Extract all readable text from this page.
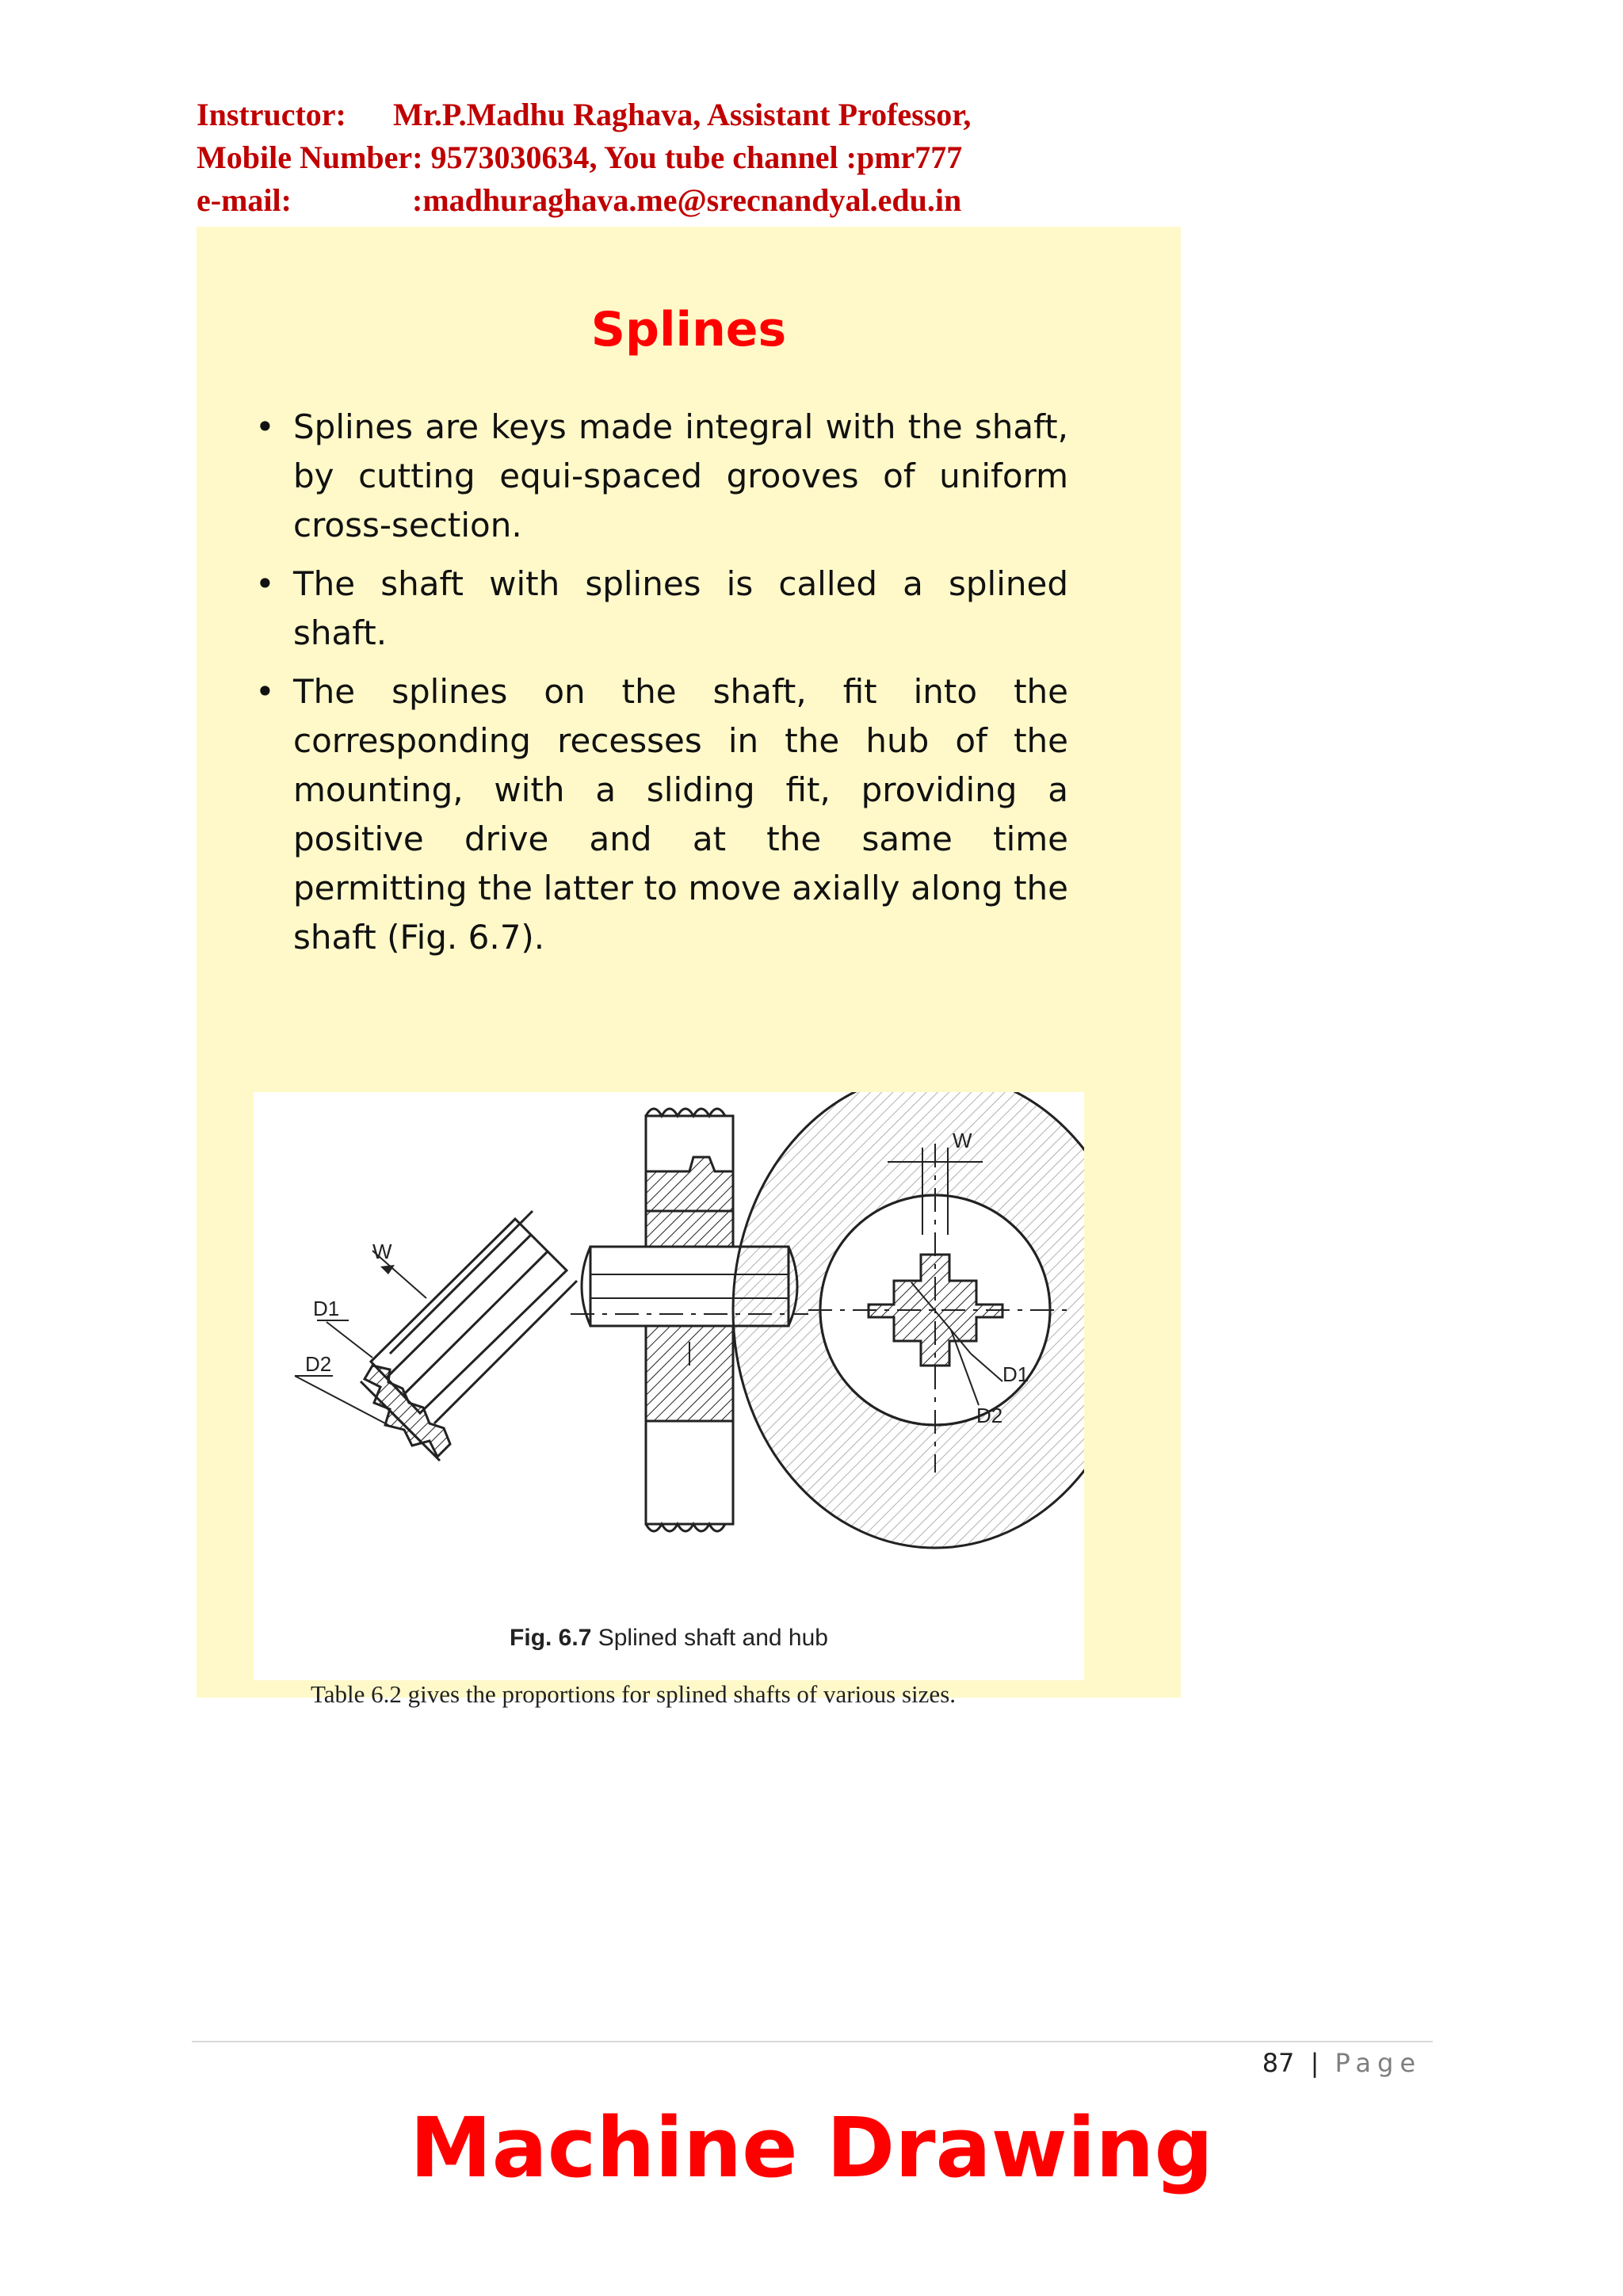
Instructor:	Mr.P.Madhu Raghava, Assistant Professor,
Mobile Number: 9573030634, You tube channel :pmr777
e-mail:	:madhuraghava.me@srecnandyal.edu.in
Splines
• Splines are keys made integral with the shaft, by cutting equi-spaced grooves of uniform cross-section.
• The shaft with splines is called a splined shaft.
• The splines on the shaft, fit into the corresponding recesses in the hub of the mounting, with a sliding fit, providing a positive drive and at the same time permitting the latter to move axially along the shaft (Fig. 6.7).
W
D1
D2
W
D1
D2
Fig. 6.7 Splined shaft and hub
Table 6.2 gives the proportions for splined shafts of various sizes.
87 | Page
Machine Drawing
